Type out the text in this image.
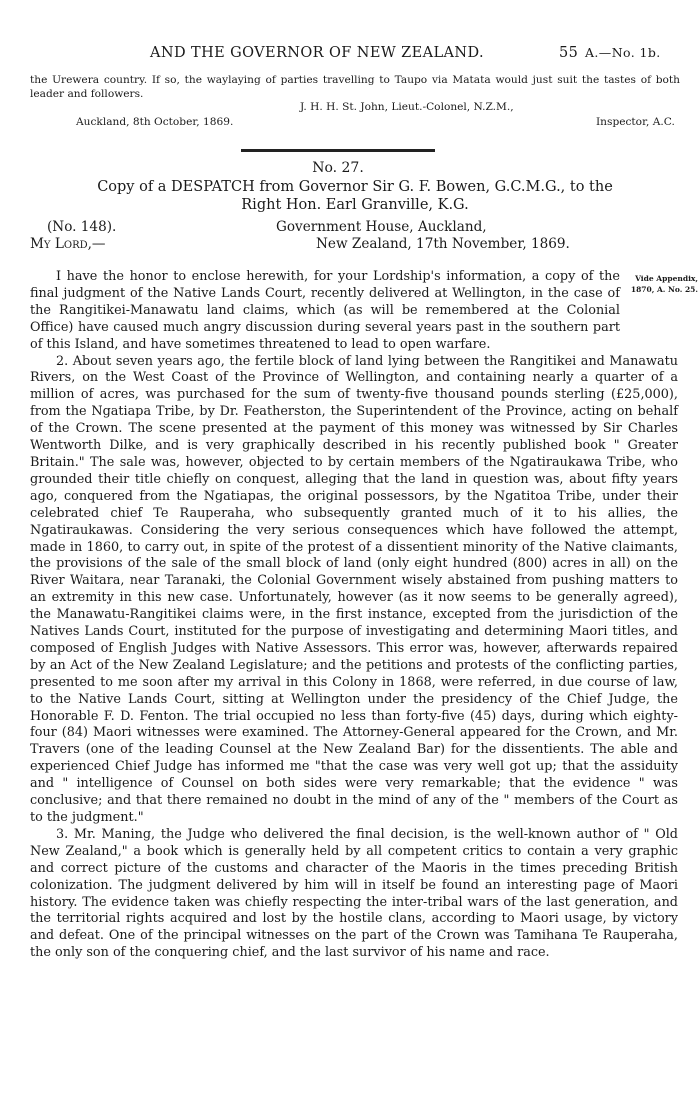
AND THE GOVERNOR OF NEW ZEALAND.	55 A.—No. 1b.
the Urewera country. If so, the waylaying of parties travelling to Taupo via Matata would just suit the tastes of both leader and followers.
J. H. H. St. John, Lieut.-Colonel, N.Z.M.,
Auckland, 8th October, 1869.	Inspector, A.C.
No. 27.
Copy of a DESPATCH from Governor Sir G. F. Bowen, G.C.M.G., to the
Right Hon. Earl Granville, K.G.
(No. 148).	Government House, Auckland,
My Lord,—	New Zealand, 17th November, 1869.
Vide Appendix,
1870, A. No. 25.

I have the honor to enclose herewith, for your Lordship's information, a copy of the final judgment of the Native Lands Court, recently delivered at Wellington, in the case of the Rangitikei-Manawatu land claims, which (as will be remembered at the Colonial Office) have caused much angry discussion during several years past in the southern part of this Island, and have sometimes threatened to lead to open warfare.

2. About seven years ago, the fertile block of land lying between the Rangitikei and Manawatu Rivers, on the West Coast of the Province of Wellington, and containing nearly a quarter of a million of acres, was purchased for the sum of twenty-five thousand pounds sterling (£25,000), from the Ngatiapa Tribe, by Dr. Featherston, the Superintendent of the Province, acting on behalf of the Crown. The scene presented at the payment of this money was witnessed by Sir Charles Wentworth Dilke, and is very graphically described in his recently published book " Greater Britain." The sale was, however, objected to by certain members of the Ngatiraukawa Tribe, who grounded their title chiefly on conquest, alleging that the land in question was, about fifty years ago, conquered from the Ngatiapas, the original possessors, by the Ngatitoa Tribe, under their celebrated chief Te Rauperaha, who subsequently granted much of it to his allies, the Ngatiraukawas. Considering the very serious consequences which have followed the attempt, made in 1860, to carry out, in spite of the protest of a dissentient minority of the Native claimants, the provisions of the sale of the small block of land (only eight hundred (800) acres in all) on the River Waitara, near Taranaki, the Colonial Government wisely abstained from pushing matters to an extremity in this new case. Unfortunately, however (as it now seems to be generally agreed), the Manawatu-Rangitikei claims were, in the first instance, excepted from the jurisdiction of the Natives Lands Court, instituted for the purpose of investigating and determining Maori titles, and composed of English Judges with Native Assessors. This error was, however, afterwards repaired by an Act of the New Zealand Legislature; and the petitions and protests of the conflicting parties, presented to me soon after my arrival in this Colony in 1868, were referred, in due course of law, to the Native Lands Court, sitting at Wellington under the presidency of the Chief Judge, the Honorable F. D. Fenton. The trial occupied no less than forty-five (45) days, during which eighty-four (84) Maori witnesses were examined. The Attorney-General appeared for the Crown, and Mr. Travers (one of the leading Counsel at the New Zealand Bar) for the dissentients. The able and experienced Chief Judge has informed me "that the case was very well got up; that the assiduity and " intelligence of Counsel on both sides were very remarkable; that the evidence " was conclusive; and that there remained no doubt in the mind of any of the " members of the Court as to the judgment."

3. Mr. Maning, the Judge who delivered the final decision, is the well-known author of " Old New Zealand," a book which is generally held by all competent critics to contain a very graphic and correct picture of the customs and character of the Maoris in the times preceding British colonization. The judgment delivered by him will in itself be found an interesting page of Maori history. The evidence taken was chiefly respecting the inter-tribal wars of the last generation, and the territorial rights acquired and lost by the hostile clans, according to Maori usage, by victory and defeat. One of the principal witnesses on the part of the Crown was Tamihana Te Rauperaha, the only son of the conquering chief, and the last survivor of his name and race.
